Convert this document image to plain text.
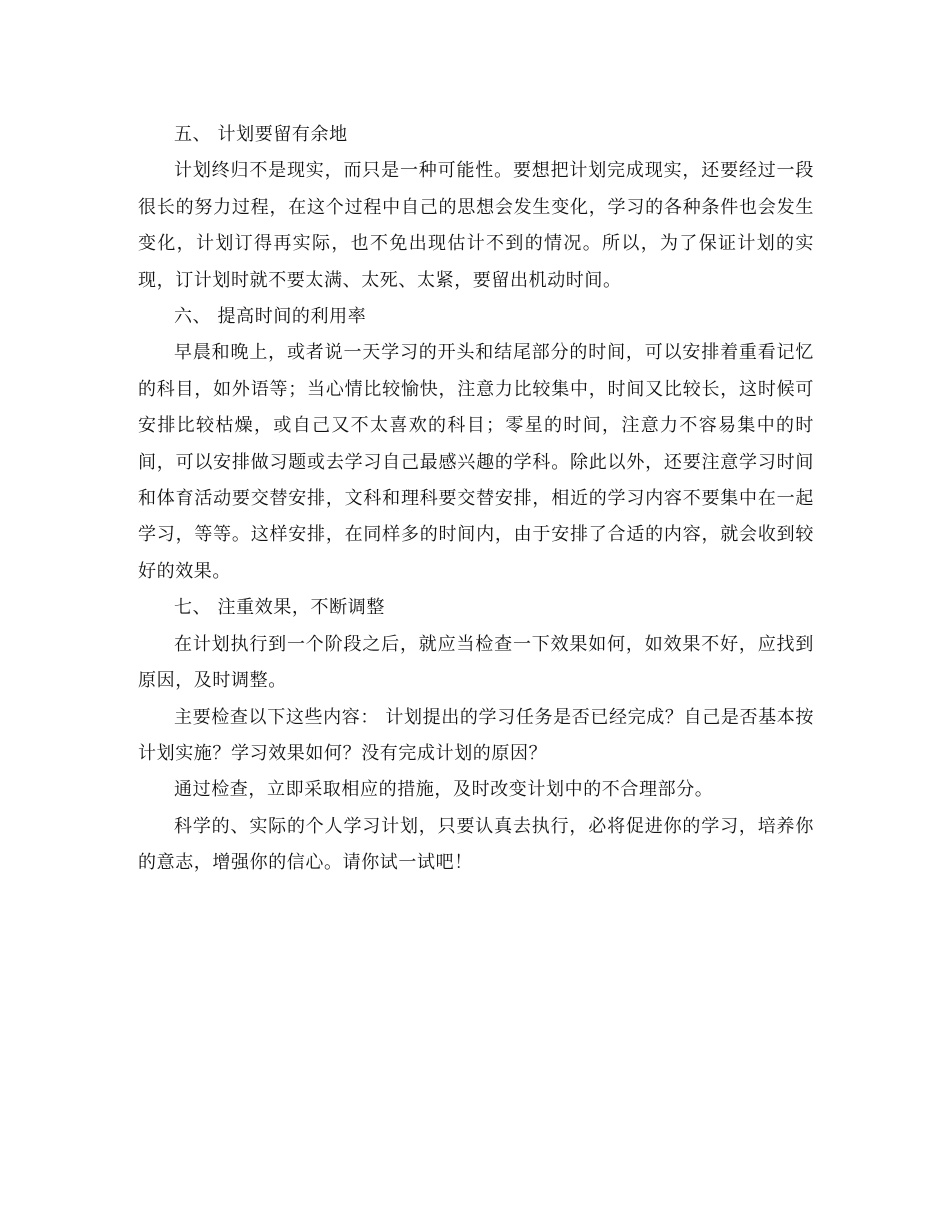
五、 计划要留有余地

计划终归不是现实，而只是一种可能性。要想把计划完成现实，还要经过一段很长的努力过程，在这个过程中自己的思想会发生变化，学习的各种条件也会发生变化，计划订得再实际，也不免出现估计不到的情况。所以，为了保证计划的实现，订计划时就不要太满、太死、太紧，要留出机动时间。

六、 提高时间的利用率

早晨和晚上，或者说一天学习的开头和结尾部分的时间，可以安排着重看记忆的科目，如外语等；当心情比较愉快，注意力比较集中，时间又比较长，这时候可安排比较枯燥，或自己又不太喜欢的科目；零星的时间，注意力不容易集中的时间，可以安排做习题或去学习自己最感兴趣的学科。除此以外，还要注意学习时间和体育活动要交替安排，文科和理科要交替安排，相近的学习内容不要集中在一起学习，等等。这样安排，在同样多的时间内，由于安排了合适的内容，就会收到较好的效果。

七、 注重效果，不断调整

在计划执行到一个阶段之后，就应当检查一下效果如何，如效果不好，应找到原因，及时调整。

主要检查以下这些内容： 计划提出的学习任务是否已经完成？自己是否基本按计划实施？学习效果如何？没有完成计划的原因？

通过检查，立即采取相应的措施，及时改变计划中的不合理部分。

科学的、实际的个人学习计划，只要认真去执行，必将促进你的学习，培养你的意志，增强你的信心。请你试一试吧！
